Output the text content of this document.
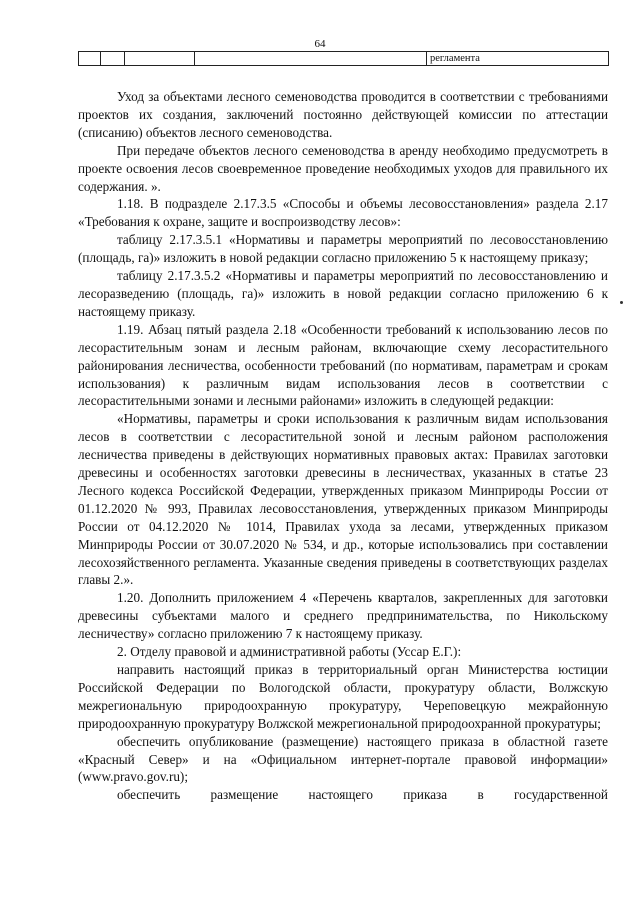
64
				регламента

Уход за объектами лесного семеноводства проводится в соответствии с требованиями проектов их создания, заключений постоянно действующей комиссии по аттестации (списанию) объектов лесного семеноводства.

При передаче объектов лесного семеноводства в аренду необходимо предусмотреть в проекте освоения лесов своевременное проведение необходимых уходов для правильного их содержания. ».

1.18. В подразделе 2.17.3.5 «Способы и объемы лесовосстановления» раздела 2.17 «Требования к охране, защите и воспроизводству лесов»:

таблицу 2.17.3.5.1 «Нормативы и параметры мероприятий по лесовосстановлению (площадь, га)» изложить в новой редакции согласно приложению 5 к настоящему приказу;

таблицу 2.17.3.5.2 «Нормативы и параметры мероприятий по лесовосстановлению и лесоразведению (площадь, га)» изложить в новой редакции согласно приложению 6 к настоящему приказу.

1.19. Абзац пятый раздела 2.18 «Особенности требований к использованию лесов по лесорастительным зонам и лесным районам, включающие схему лесорастительного районирования лесничества, особенности требований (по нормативам, параметрам и срокам использования) к различным видам использования лесов в соответствии с лесорастительными зонами и лесными районами» изложить в следующей редакции:

«Нормативы, параметры и сроки использования к различным видам использования лесов в соответствии с лесорастительной зоной и лесным районом расположения лесничества приведены в действующих нормативных правовых актах: Правилах заготовки древесины и особенностях заготовки древесины в лесничествах, указанных в статье 23 Лесного кодекса Российской Федерации, утвержденных приказом Минприроды России от 01.12.2020 № 993, Правилах лесовосстановления, утвержденных приказом Минприроды России от 04.12.2020 № 1014, Правилах ухода за лесами, утвержденных приказом Минприроды России от 30.07.2020 № 534, и др., которые использовались при составлении лесохозяйственного регламента. Указанные сведения приведены в соответствующих разделах главы 2.».

1.20. Дополнить приложением 4 «Перечень кварталов, закрепленных для заготовки древесины субъектами малого и среднего предпринимательства, по Никольскому лесничеству» согласно приложению 7 к настоящему приказу.

2. Отделу правовой и административной работы (Уссар Е.Г.):

направить настоящий приказ в территориальный орган Министерства юстиции Российской Федерации по Вологодской области, прокуратуру области, Волжскую межрегиональную природоохранную прокуратуру, Череповецкую межрайонную природоохранную прокуратуру Волжской межрегиональной природоохранной прокуратуры;

обеспечить опубликование (размещение) настоящего приказа в областной газете «Красный Север» и на «Официальном интернет-портале правовой информации» (www.pravo.gov.ru);

обеспечить размещение настоящего приказа в государственной
